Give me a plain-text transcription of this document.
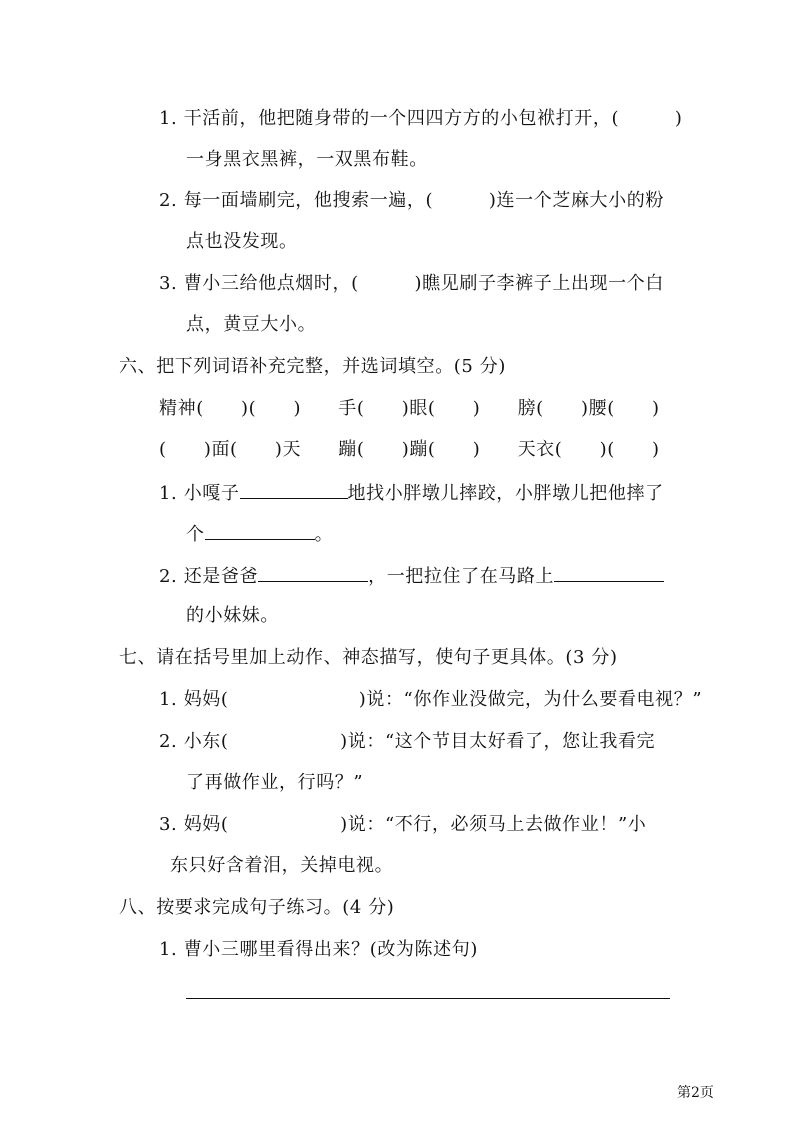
1. 干活前，他把随身带的一个四四方方的小包袱打开，(　　　)
一身黑衣黑裤，一双黑布鞋。
2. 每一面墙刷完，他搜索一遍，(　　　)连一个芝麻大小的粉
点也没发现。
3. 曹小三给他点烟时，(　　　)瞧见刷子李裤子上出现一个白
点，黄豆大小。
六、把下列词语补充完整，并选词填空。(5 分)
精神(　　)(　　)　　手(　　)眼(　　)　　膀(　　)腰(　　)
(　　)面(　　)天　　蹦(　　)蹦(　　)　　天衣(　　)(　　)
1. 小嘎子	地找小胖墩儿摔跤，小胖墩儿把他摔了
个	。
2. 还是爸爸	，一把拉住了在马路上
的小妹妹。
七、请在括号里加上动作、神态描写，使句子更具体。(3 分)
1. 妈妈(　　　　　　　)说：“你作业没做完，为什么要看电视？”
2. 小东(　　　　　　)说：“这个节目太好看了，您让我看完
了再做作业，行吗？”
3. 妈妈(　　　　　　)说：“不行，必须马上去做作业！”小
东只好含着泪，关掉电视。
八、按要求完成句子练习。(4 分)
1. 曹小三哪里看得出来？(改为陈述句)
第2页
